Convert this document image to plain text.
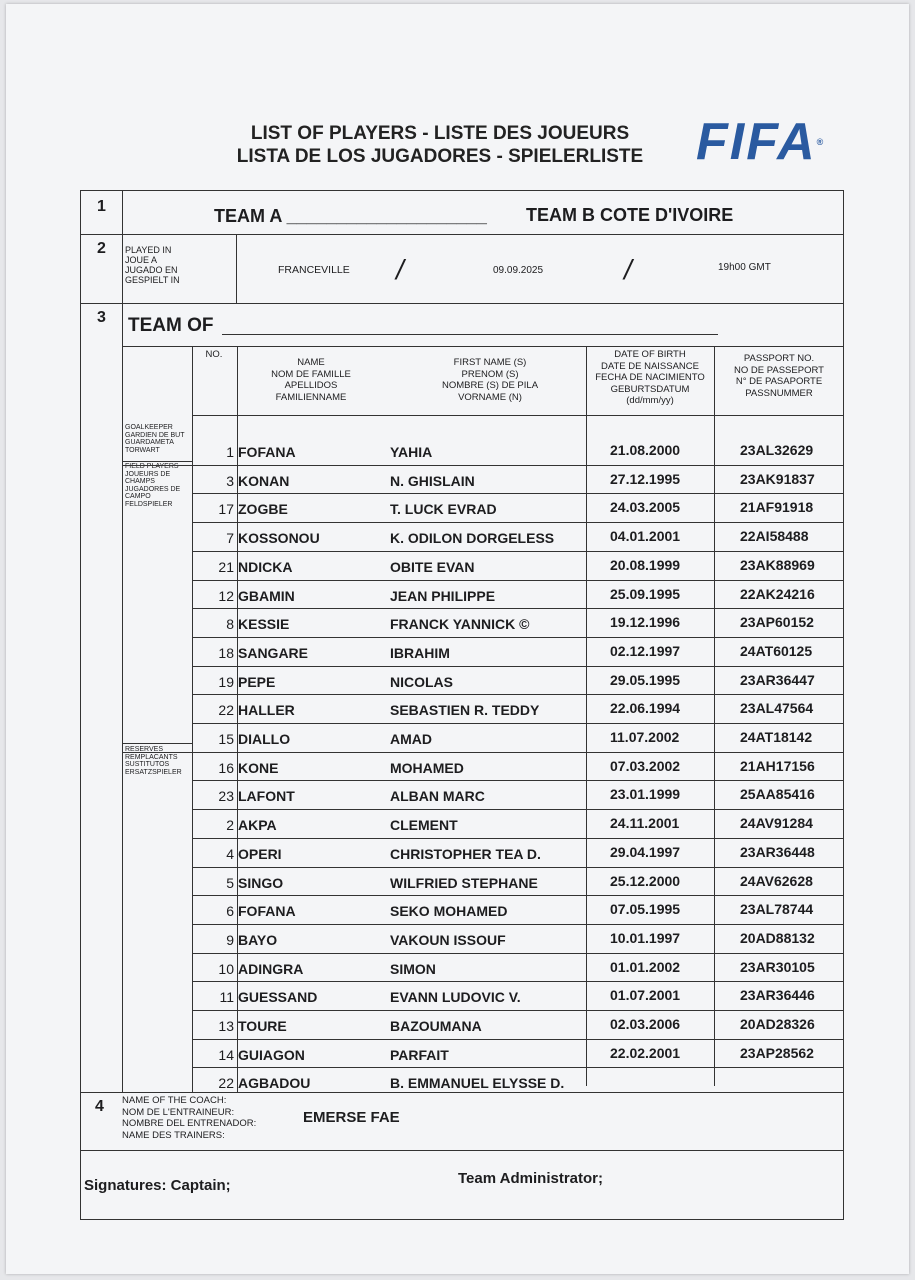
LIST OF PLAYERS - LISTE DES JOUEURS
LISTA DE LOS JUGADORES - SPIELERLISTE FIFA®
1
2
3
4
TEAM A ____________________ TEAM B COTE D'IVOIRE
PLAYED IN
JOUE A
JUGADO EN
GESPIELT IN
FRANCEVILLE /	09.09.2025	/	19h00 GMT
TEAM OF
NO.
NAME
NOM DE FAMILLE
APELLIDOS
FAMILIENNAME
FIRST NAME (S)
PRENOM (S)
NOMBRE (S) DE PILA
VORNAME (N)
DATE OF BIRTH
DATE DE NAISSANCE
FECHA DE NACIMIENTO
GEBURTSDATUM
(dd/mm/yy)
PASSPORT NO.
NO DE PASSEPORT
N° DE PASAPORTE
PASSNUMMER
GOALKEEPER
GARDIEN DE BUT
GUARDAMETA
TORWART
FIELD PLAYERS
JOUEURS DE
CHAMPS
JUGADORES DE
CAMPO
FELDSPIELER
RESERVES
REMPLACANTS
SUSTITUTOS
ERSATZSPIELER
1 FOFANA	YAHIA	21.08.2000	23AL32629
3 KONAN	N. GHISLAIN	27.12.1995	23AK91837
17 ZOGBE	T. LUCK EVRAD	24.03.2005	21AF91918
7 KOSSONOU	K. ODILON DORGELESS	04.01.2001	22AI58488
21 NDICKA	OBITE EVAN	20.08.1999	23AK88969
12 GBAMIN	JEAN PHILIPPE	25.09.1995	22AK24216
8 KESSIE	FRANCK YANNICK ©	19.12.1996	23AP60152
18 SANGARE	IBRAHIM	02.12.1997	24AT60125
19 PEPE	NICOLAS	29.05.1995	23AR36447
22 HALLER	SEBASTIEN R. TEDDY	22.06.1994	23AL47564
15 DIALLO	AMAD	11.07.2002	24AT18142
16 KONE	MOHAMED	07.03.2002	21AH17156
23 LAFONT	ALBAN MARC	23.01.1999	25AA85416
2 AKPA	CLEMENT	24.11.2001	24AV91284
4 OPERI	CHRISTOPHER TEA D.	29.04.1997	23AR36448
5 SINGO	WILFRIED STEPHANE	25.12.2000	24AV62628
6 FOFANA	SEKO MOHAMED	07.05.1995	23AL78744
9 BAYO	VAKOUN ISSOUF	10.01.1997	20AD88132
10 ADINGRA	SIMON	01.01.2002	23AR30105
11 GUESSAND	EVANN LUDOVIC V.	01.07.2001	23AR36446
13 TOURE	BAZOUMANA	02.03.2006	20AD28326
14 GUIAGON	PARFAIT	22.02.2001	23AP28562
22 AGBADOU	B. EMMANUEL ELYSSE D.
NAME OF THE COACH:
NOM DE L'ENTRAINEUR:
NOMBRE DEL ENTRENADOR:
NAME DES TRAINERS:
EMERSE FAE
Signatures: Captain;	Team Administrator;
